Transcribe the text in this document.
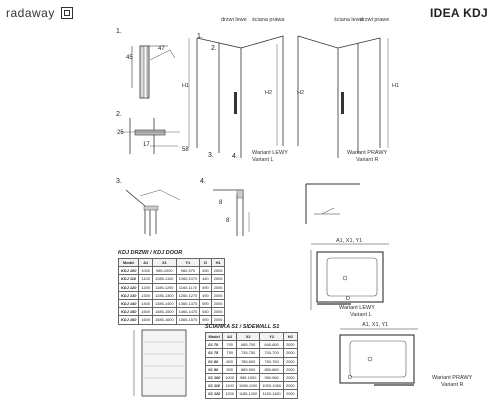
radaway	IDEA KDJ
1.
2.
3.	4.
1.
2.
3.	4.
45
47
25
17
58
8
8
drzwi lewe ściana prawa
H1
H2
Wariant LEWY
Variant L
ściana lewa
drzwi prawe
H2
H1
Wariant PRAWY
Variant R
A1, X1, Y1
D
Wariant LEWY
Variant L
A1, X1, Y1
D	Wariant PRAWY
Variant R
KDJ DRZWI / KDJ DOOR
Model	A1	X1	Y1	D	H1
KDJ 100	1000	985-1000	960-970	490	2005
KDJ 110	1100	1085-1100	1060-1070	440	2005
KDJ 120	1200	1185-1200	1160-1170	490	2005
KDJ 130	1300	1285-1300	1260-1270	490	2005
KDJ 140	1400	1385-1400	1360-1370	590	2005
KDJ 150	1500	1485-1500	1460-1470	640	2005
KDJ 160	1600	1585-1600	1560-1570	690	2005
ŚCIANKA S1 / SIDEWALL S1
Model	A2	X2	Y2	H2
S1 70	700	685-700	640-650	2000
S1 75	750	735-750	700-700	2000
S1 80	800	785-800	750-760	2000
S1 90	900	885-900	850-860	2000
S1 100	1000	985-1000	950-960	2000
S1 110	1100	1085-1100	1050-1060	2000
S1 120	1200	1185-1200	1150-1160	2000
